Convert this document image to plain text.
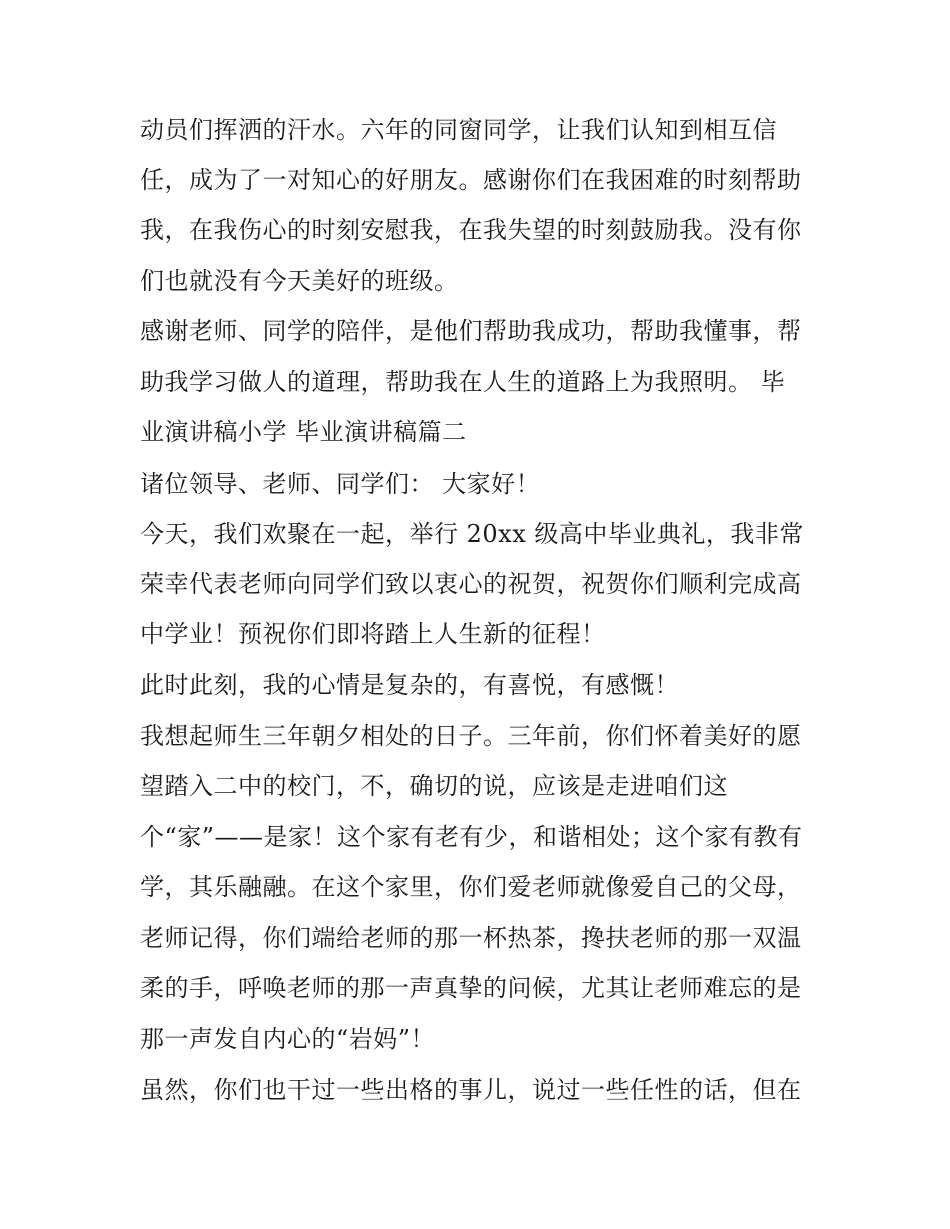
动员们挥洒的汗水。六年的同窗同学，让我们认知到相互信
任，成为了一对知心的好朋友。感谢你们在我困难的时刻帮助
我，在我伤心的时刻安慰我，在我失望的时刻鼓励我。没有你
们也就没有今天美好的班级。
感谢老师、同学的陪伴，是他们帮助我成功，帮助我懂事，帮
助我学习做人的道理，帮助我在人生的道路上为我照明。 毕
业演讲稿小学 毕业演讲稿篇二
诸位领导、老师、同学们： 大家好！
今天，我们欢聚在一起，举行 20xx 级高中毕业典礼，我非常
荣幸代表老师向同学们致以衷心的祝贺，祝贺你们顺利完成高
中学业！预祝你们即将踏上人生新的征程！
此时此刻，我的心情是复杂的，有喜悦，有感慨！
我想起师生三年朝夕相处的日子。三年前，你们怀着美好的愿
望踏入二中的校门，不，确切的说，应该是走进咱们这
个“家”——是家！这个家有老有少，和谐相处；这个家有教有
学，其乐融融。在这个家里，你们爱老师就像爱自己的父母，
老师记得，你们端给老师的那一杯热茶，搀扶老师的那一双温
柔的手，呼唤老师的那一声真挚的问候，尤其让老师难忘的是
那一声发自内心的“岩妈”！
虽然，你们也干过一些出格的事儿，说过一些任性的话，但在
